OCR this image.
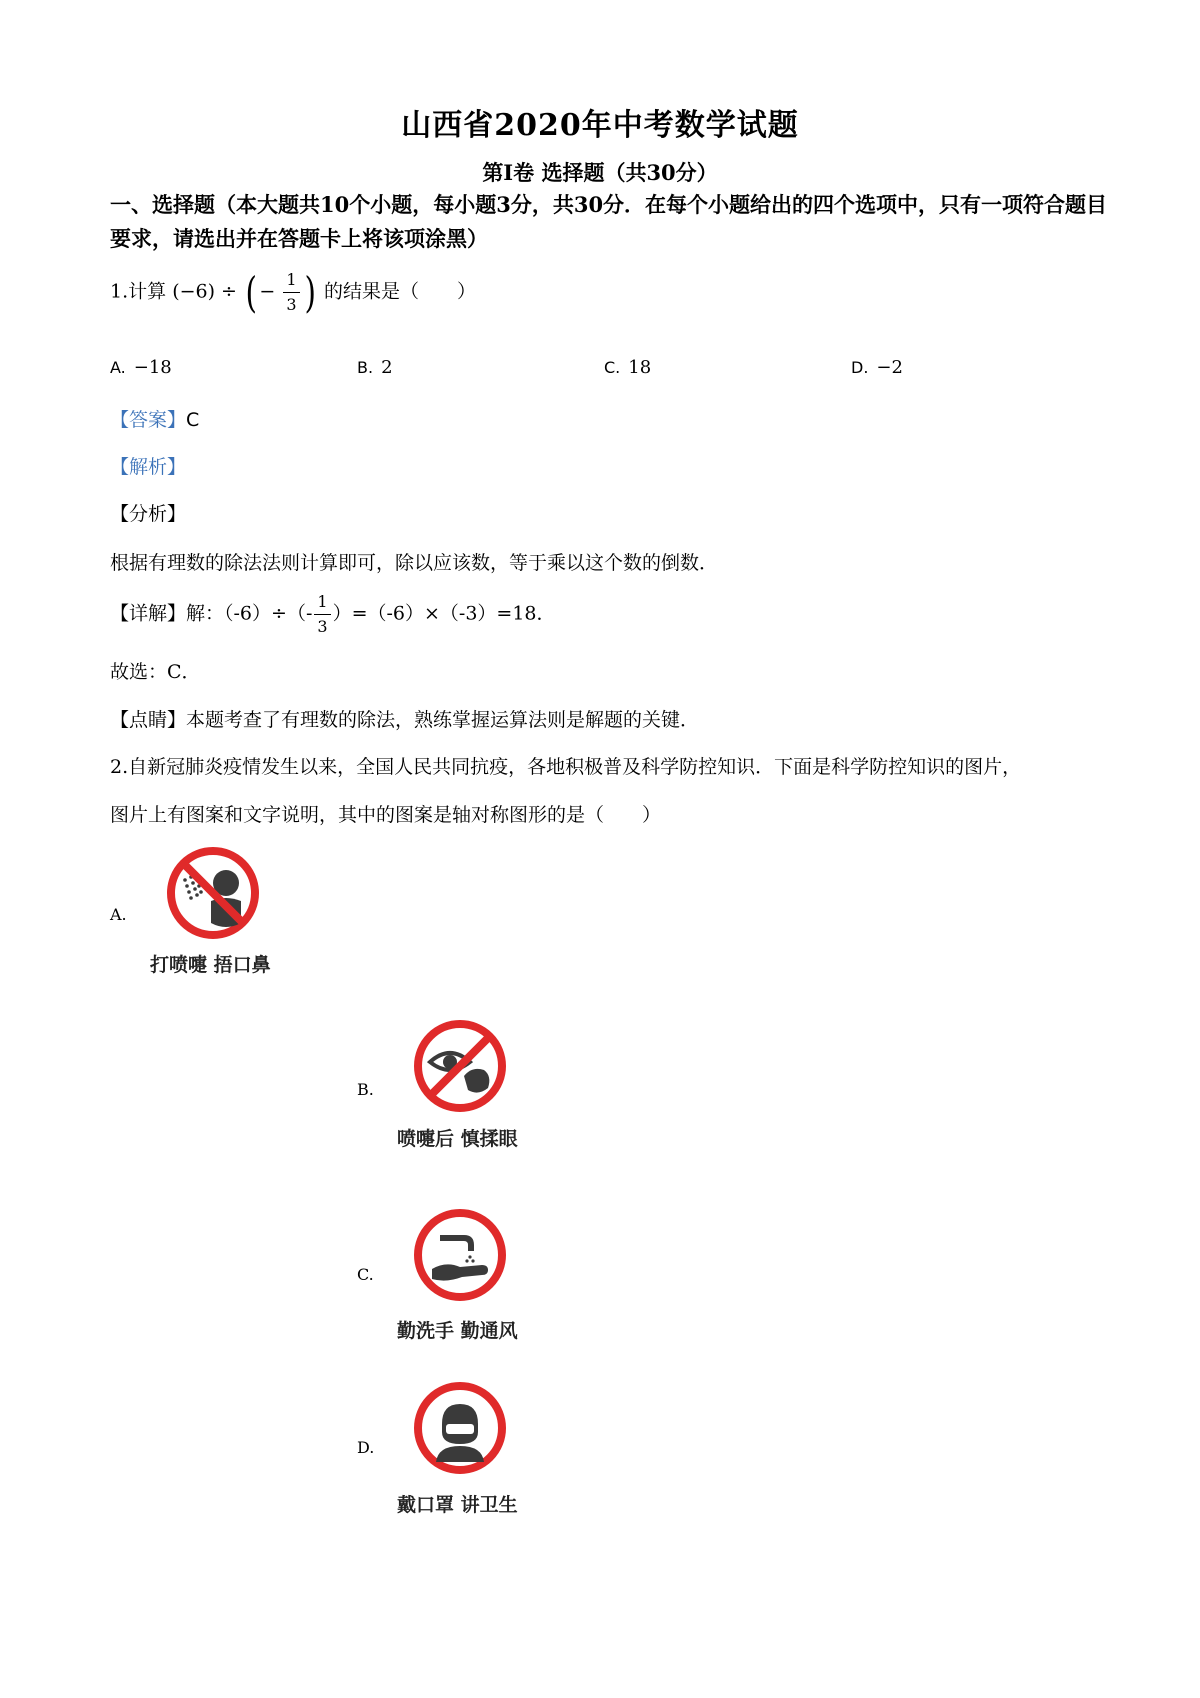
山西省2020年中考数学试题
第Ⅰ卷 选择题（共30分）
一、选择题（本大题共10个小题，每小题3分，共30分．在每个小题给出的四个选项中，只有一项符合题目要求，请选出并在答题卡上将该项涂黑）
1.计算 (−6) ÷ ( − $\frac{1}{3}$ ) 的结果是（　　）
A. −18	B. 2	C. 18	D. −2
【答案】C
【解析】
【分析】
根据有理数的除法法则计算即可，除以应该数，等于乘以这个数的倒数．
【详解】解：$(-6)\div(- \frac{1}{3} )=(-6)\times(-3)=18$．
故选：C．
【点睛】本题考查了有理数的除法，熟练掌握运算法则是解题的关键．
2.自新冠肺炎疫情发生以来，全国人民共同抗疫，各地积极普及科学防控知识．下面是科学防控知识的图片，
图片上有图案和文字说明，其中的图案是轴对称图形的是（　　）
A.
打喷嚏 捂口鼻
B.
喷嚏后 慎揉眼
C.
勤洗手 勤通风
D.
戴口罩 讲卫生
